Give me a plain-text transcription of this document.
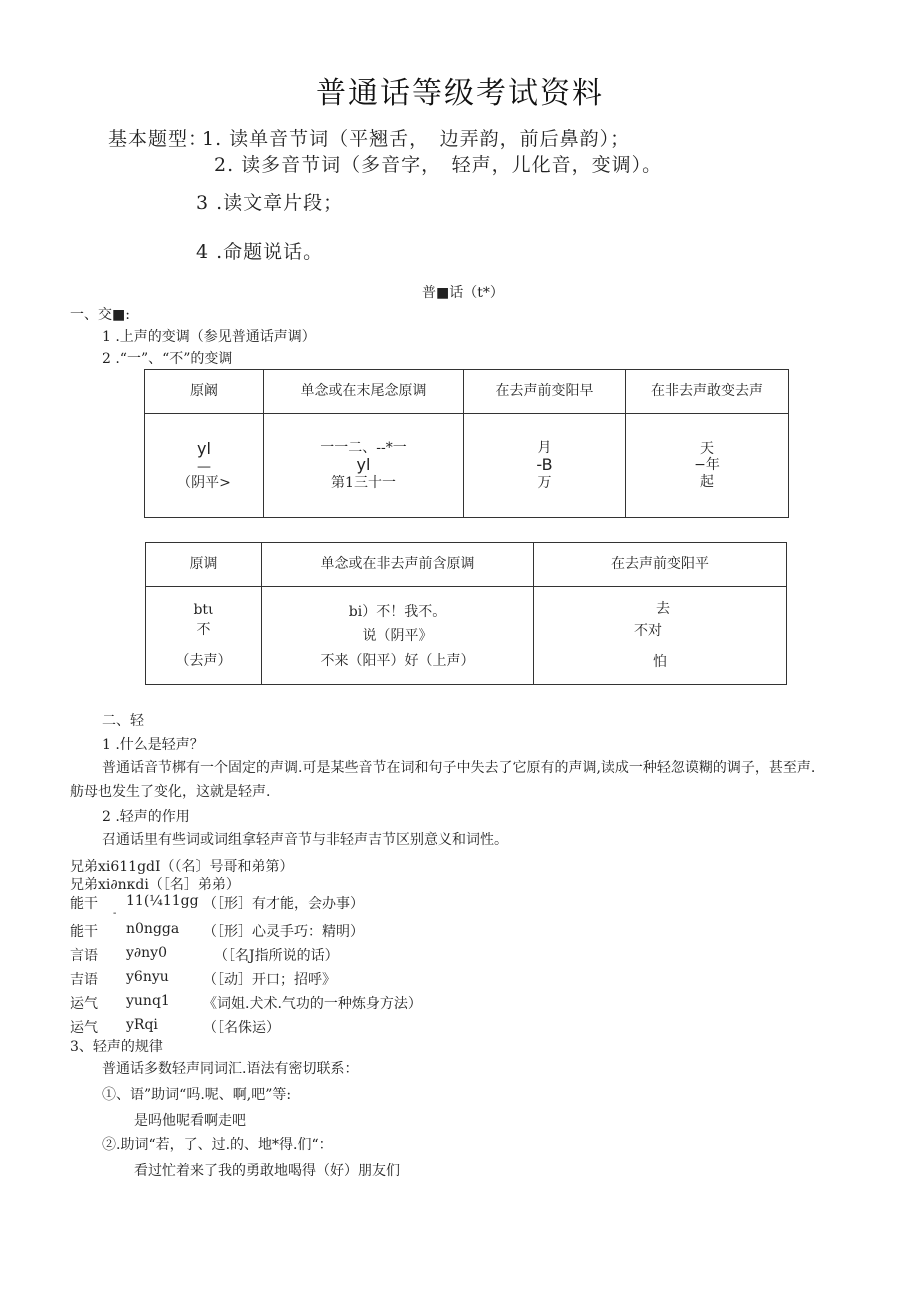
普通话等级考试资料
基本题型：
1. 读单音节词（平翘舌，　边弄韵，前后鼻韵）；
2. 读多音节词（多音字，　轻声，儿化音，变调）。
3 .读文章片段；
4 .命题说话。
普■话（t*）
一、交■:
1 .上声的变调（参见普通话声调）
2 .“一”、“不”的变调
原阚	单念或在末尾念原调	在去声前变阳早	在非去声敢变去声

yl
—
（阴平>	一一二、--*一
yl
第1三十一	月
-B
万	天
−年
起
原调	单念或在非去声前含原调	在去声前变阳平

btι
不
（去声）	bi）不！我不。
说（阴平》
不来（阳平）好（上声）	去
不对
怕
二、轻
1 .什么是轻声？
普通话音节梆有一个固定的声调.可是某些音节在词和句子中失去了它原有的声调,读成一种轻忽谟糊的调子，甚至声.
舫母也发生了变化，这就是轻声.
2 .轻声的作用
召通话里有些词或词组拿轻声音节与非轻声吉节区别意义和词性。
兄弟xi611gdI（（名〕号哥和弟第）
兄弟xi∂nκdi（［名］弟弟）
能干 11(¼11gg （［形］有才能，会办事）
-
能干 n0ngga （［形］心灵手巧：精明）
言语 y∂ny0	（［名J指所说的话）
吉语 y6nyu （［动］开口；招呼》
运气 yunq1 《词姐.犬术.气功的一种炼身方法）
运气 yRqi	（［名侏运）
3、轻声的规律
普通话多数轻声同词汇.语法有密切联系：
①、语”助词“吗.呢、啊,吧”等:
是吗他呢看啊走吧
②.助词“若，了、过.的、地*得.们“：
看过忙着来了我的勇敢地喝得（好）朋友们
